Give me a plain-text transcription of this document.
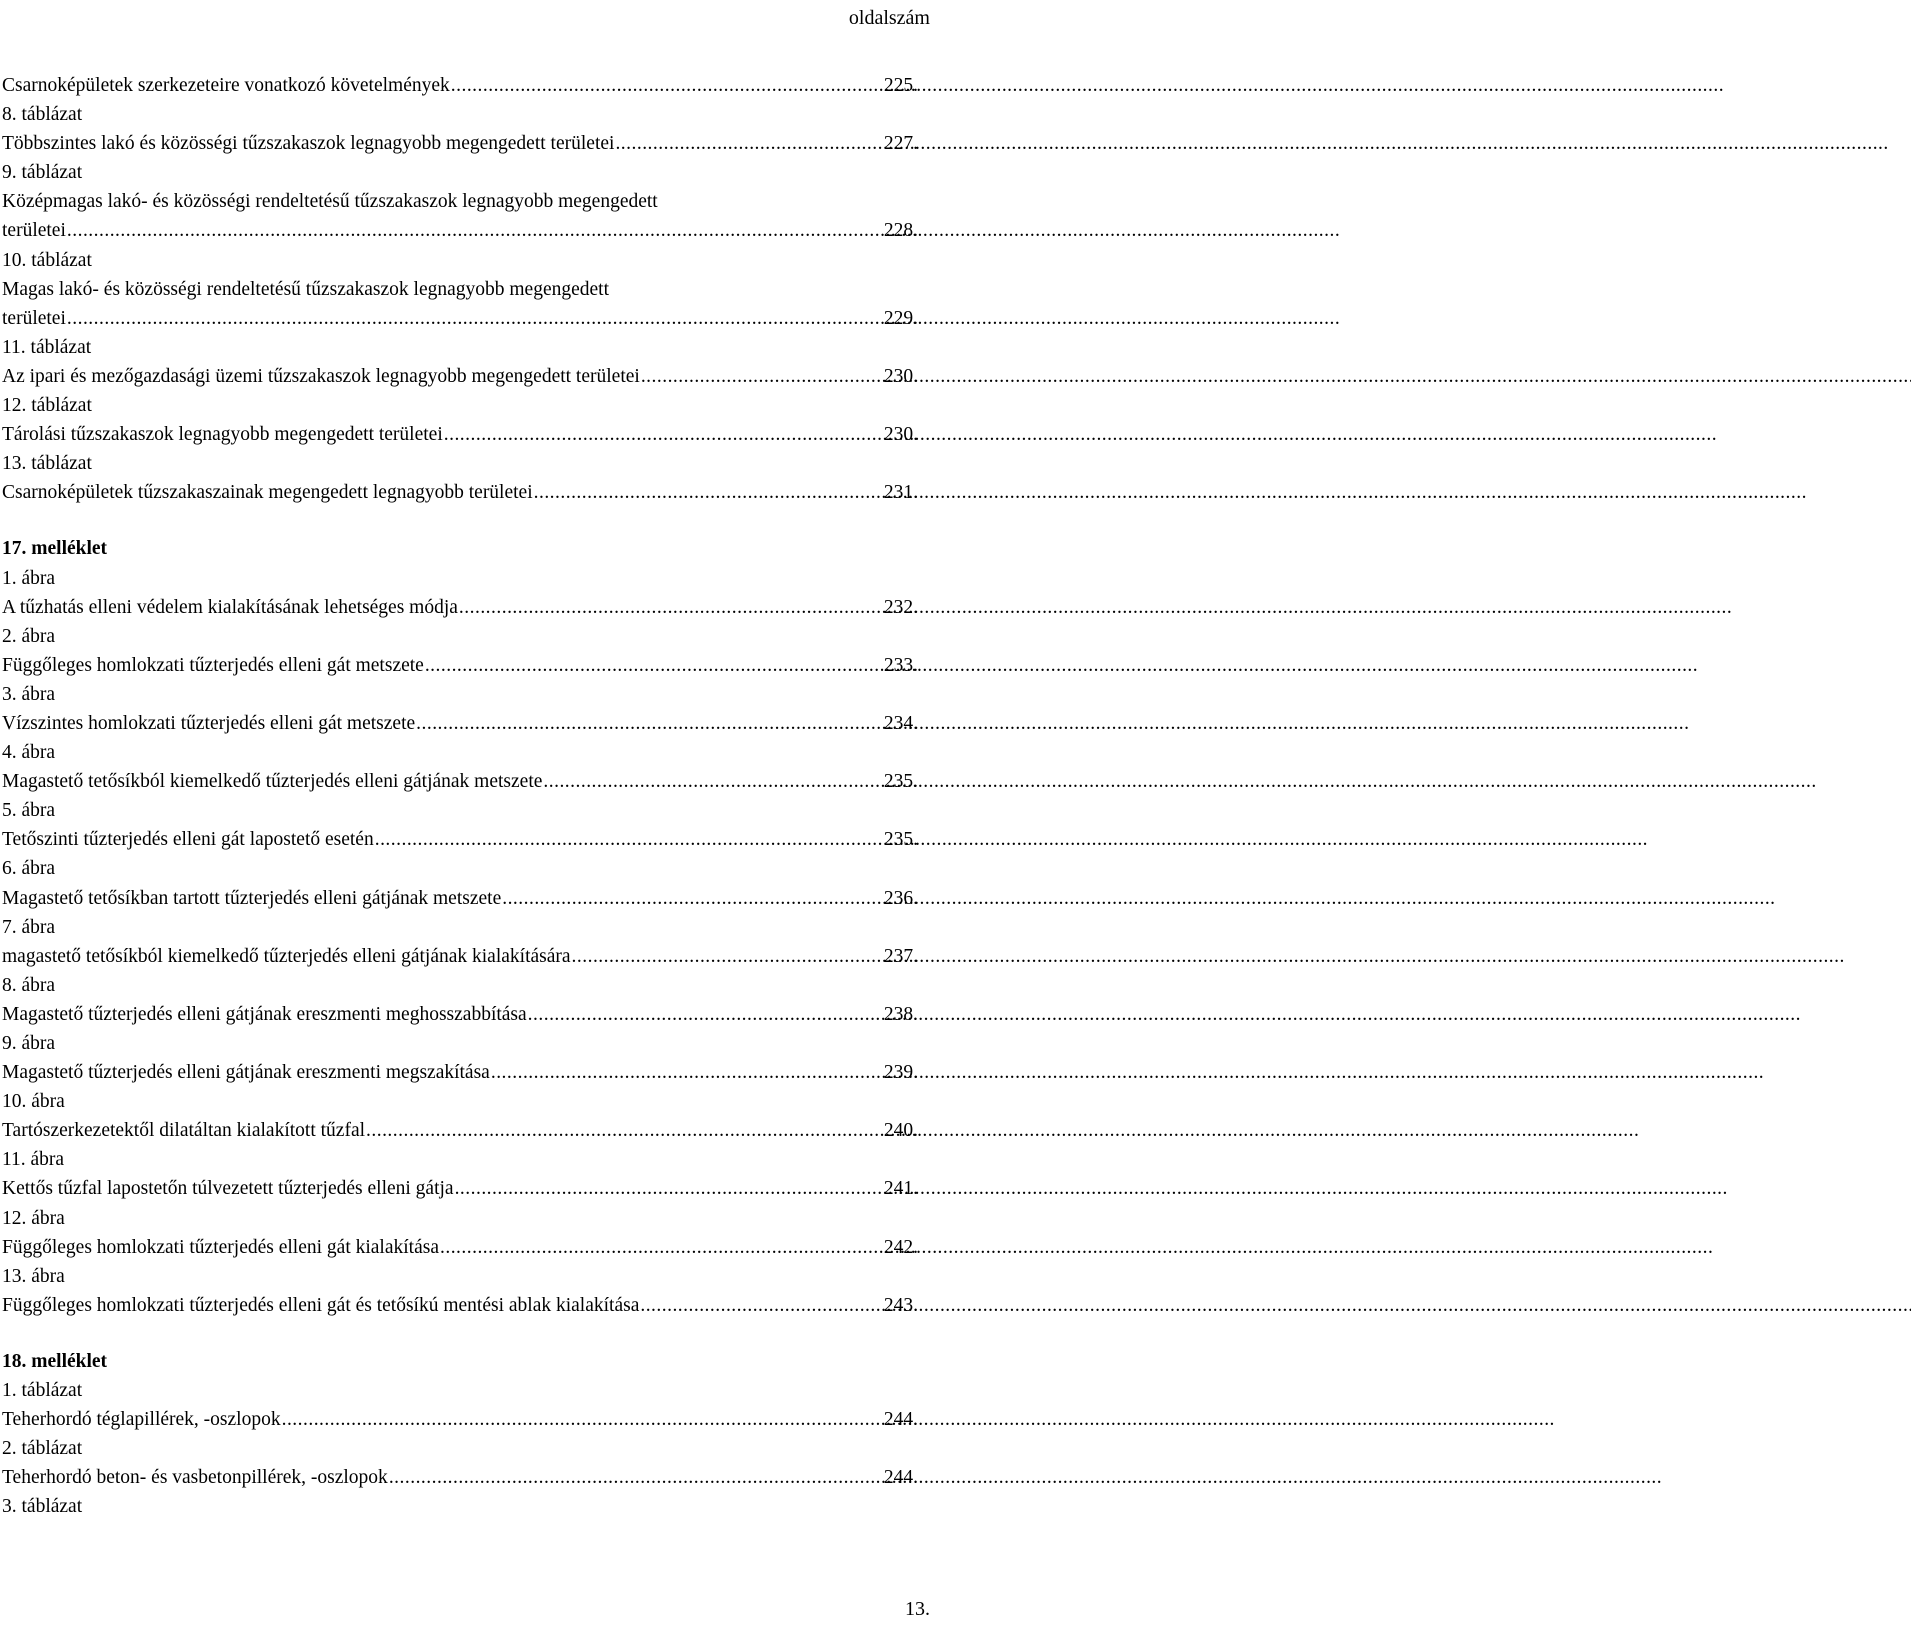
oldalszám
Csarnoképületek szerkezeteire vonatkozó követelmények . . .	225.
8. táblázat
Többszintes lakó és közösségi tűzszakaszok legnagyobb megengedett területei . . .	227.
9. táblázat
Középmagas lakó- és közösségi rendeltetésű tűzszakaszok legnagyobb megengedett
területei . . .	228.
10. táblázat
Magas lakó- és közösségi rendeltetésű tűzszakaszok legnagyobb megengedett
területei . . .	229.
11. táblázat
Az ipari és mezőgazdasági üzemi tűzszakaszok legnagyobb megengedett területei . . .	230.
12. táblázat
Tárolási tűzszakaszok legnagyobb megengedett területei . . .	230.
13. táblázat
Csarnoképületek tűzszakaszainak megengedett legnagyobb területei . . .	231.
17. melléklet
1. ábra
A tűzhatás elleni védelem kialakításának lehetséges módja . . .	232.
2. ábra
Függőleges homlokzati tűzterjedés elleni gát metszete . . .	233.
3. ábra
Vízszintes homlokzati tűzterjedés elleni gát metszete . . .	234.
4. ábra
Magastető tetősíkból kiemelkedő tűzterjedés elleni gátjának metszete . . .	235.
5. ábra
Tetőszinti tűzterjedés elleni gát lapostető esetén . . .	235.
6. ábra
Magastető tetősíkban tartott tűzterjedés elleni gátjának metszete . . .	236.
7. ábra
magastető tetősíkból kiemelkedő tűzterjedés elleni gátjának kialakítására . . .	237.
8. ábra
Magastető tűzterjedés elleni gátjának ereszmenti meghosszabbítása . . .	238.
9. ábra
Magastető tűzterjedés elleni gátjának ereszmenti megszakítása . . .	239.
10. ábra
Tartószerkezetektől dilatáltan kialakított tűzfal . . .	240.
11. ábra
Kettős tűzfal lapostetőn túlvezetett tűzterjedés elleni gátja . . .	241.
12. ábra
Függőleges homlokzati tűzterjedés elleni gát kialakítása . . .	242.
13. ábra
Függőleges homlokzati tűzterjedés elleni gát és tetősíkú mentési ablak kialakítása . . .	243.
18. melléklet
1. táblázat
Teherhordó téglapillérek, -oszlopok . . .	244.
2. táblázat
Teherhordó beton- és vasbetonpillérek, -oszlopok . . .	244.
3. táblázat
13.
